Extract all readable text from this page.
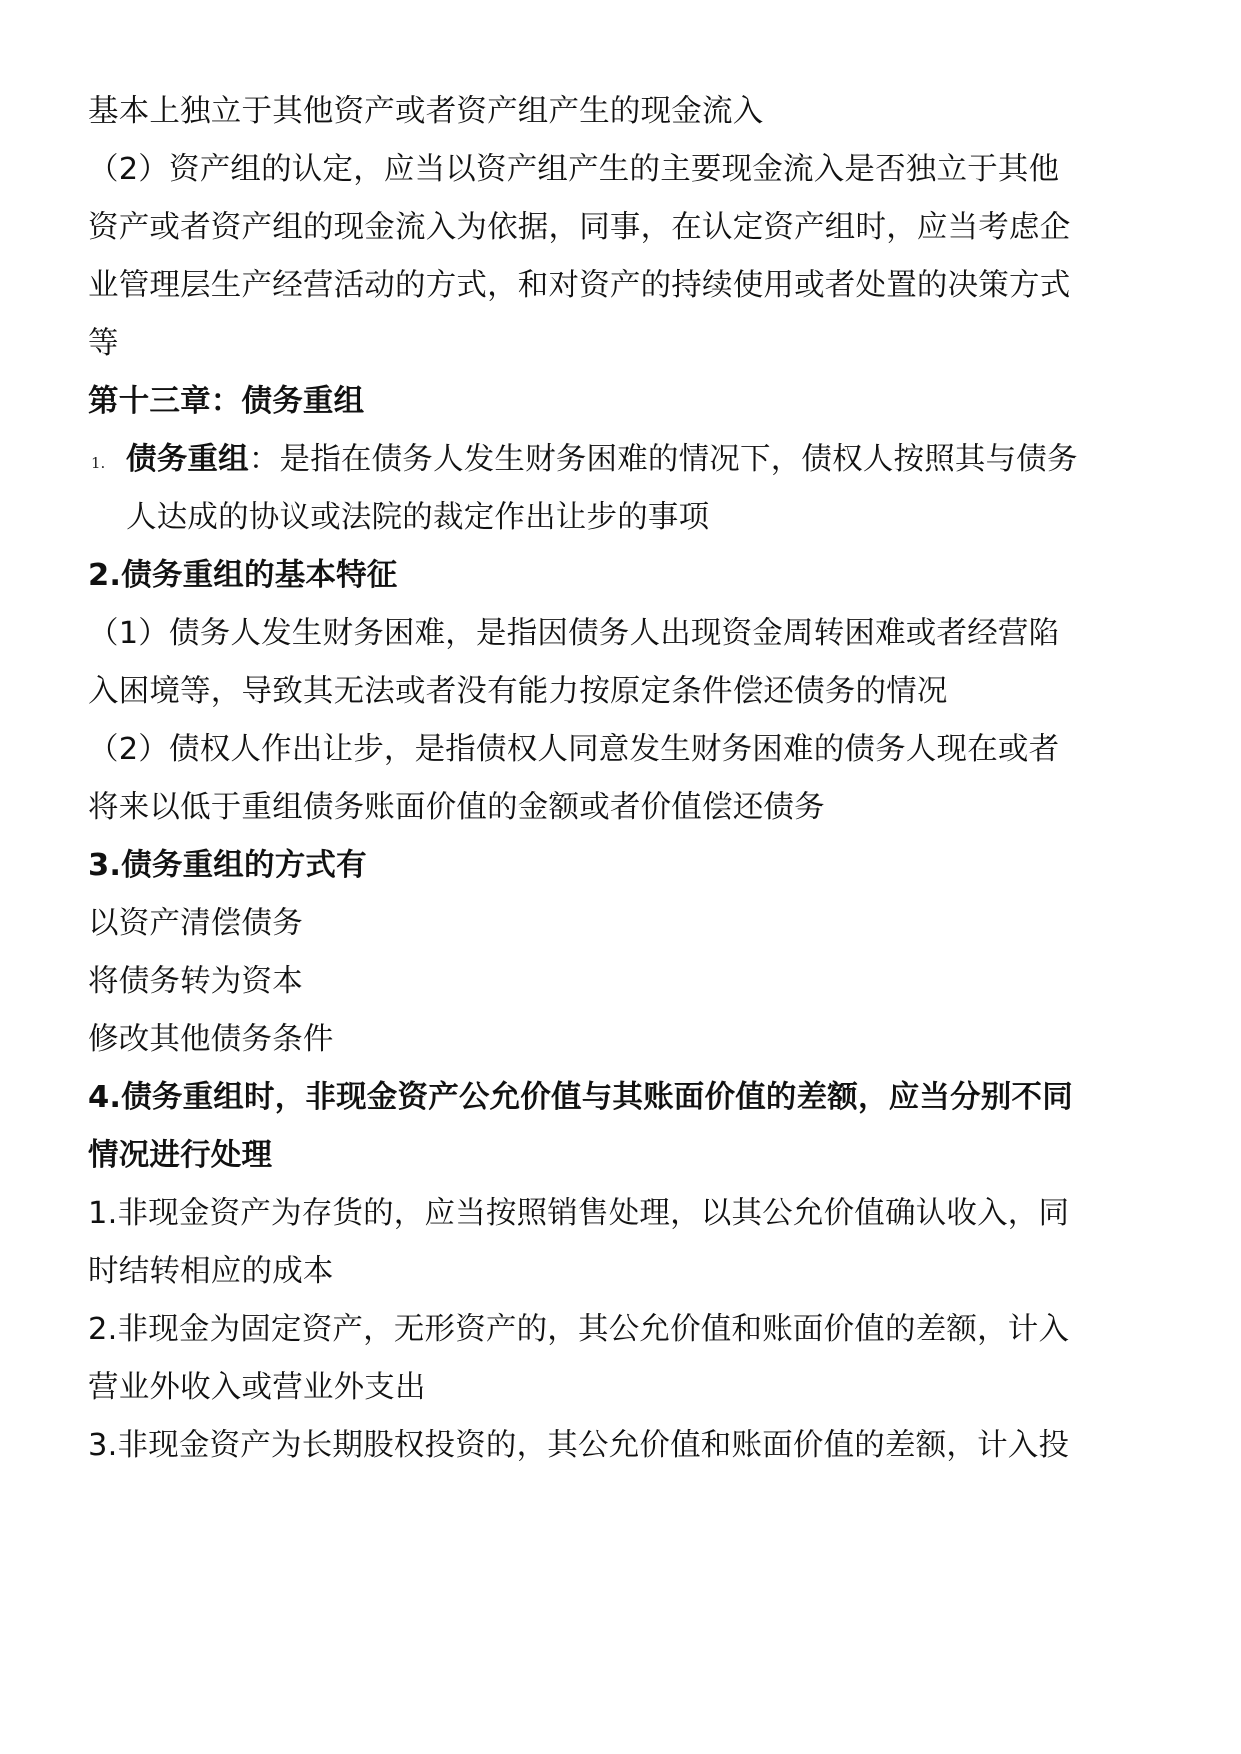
基本上独立于其他资产或者资产组产生的现金流入
（2）资产组的认定，应当以资产组产生的主要现金流入是否独立于其他
资产或者资产组的现金流入为依据，同事，在认定资产组时，应当考虑企
业管理层生产经营活动的方式，和对资产的持续使用或者处置的决策方式
等
第十三章：债务重组
1. 债务重组：是指在债务人发生财务困难的情况下，债权人按照其与债务
人达成的协议或法院的裁定作出让步的事项
2.债务重组的基本特征
（1）债务人发生财务困难，是指因债务人出现资金周转困难或者经营陷
入困境等，导致其无法或者没有能力按原定条件偿还债务的情况
（2）债权人作出让步，是指债权人同意发生财务困难的债务人现在或者
将来以低于重组债务账面价值的金额或者价值偿还债务
3.债务重组的方式有
以资产清偿债务
将债务转为资本
修改其他债务条件
4.债务重组时，非现金资产公允价值与其账面价值的差额，应当分别不同
情况进行处理
1.非现金资产为存货的，应当按照销售处理，以其公允价值确认收入，同
时结转相应的成本
2.非现金为固定资产，无形资产的，其公允价值和账面价值的差额，计入
营业外收入或营业外支出
3.非现金资产为长期股权投资的，其公允价值和账面价值的差额，计入投
